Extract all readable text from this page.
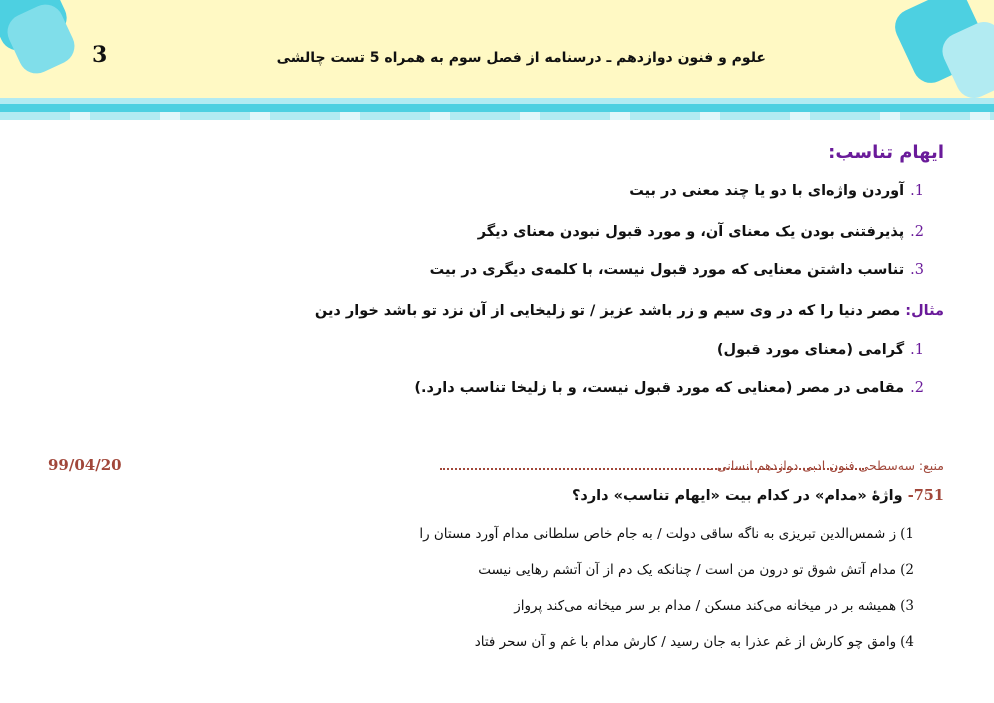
3	علوم و فنون دوازدهم ـ درسنامه از فصل سوم به همراه 5 تست چالشی
ایهام تناسب:
1.آوردن واژه‌ای با دو یا چند معنی در بیت
2.پذیرفتنی بودن یک معنای آن، و مورد قبول نبودن معنای دیگر
3.تناسب داشتن معنایی که مورد قبول نیست، با کلمه‌ی دیگری در بیت
مثال: مصر دنیا را که در وی سیم و زر باشد عزیز / تو زلیخایی از آن نزد تو باشد خوار دین
1.گرامی (معنای مورد قبول)
2.مقامی در مصر (معنایی که مورد قبول نیست، و با زلیخا تناسب دارد.)
99/04/20	منبع: سه‌سطحی فنون ادبی دوازدهم انسانی ـ
751- واژۀ «مدام» در کدام بیت «ایهام تناسب» دارد؟
1)ز شمس‌الدین تبریزی به ناگه ساقی دولت / به جام خاص سلطانی مدام آورد مستان را
2)مدام آتش شوق تو درون من است / چنانکه یک دم از آن آتشم رهایی نیست
3)همیشه بر در میخانه می‌کند مسکن / مدام بر سر میخانه می‌کند پرواز
4)وامق چو کارش از غم عذرا به جان رسید / کارش مدام با غم و آن سحر فتاد
